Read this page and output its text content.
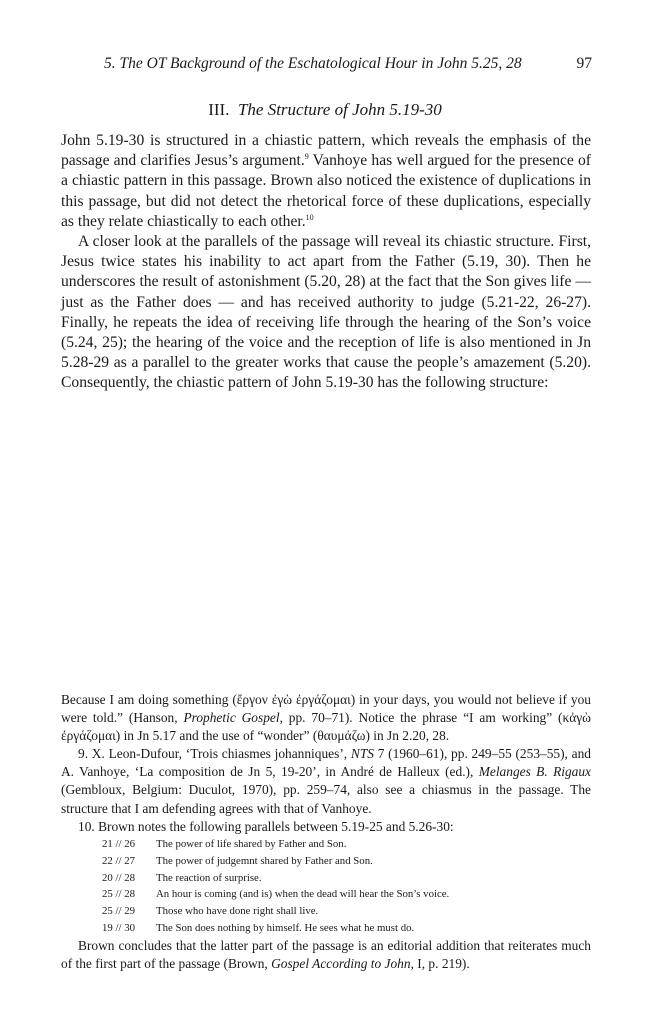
5. The OT Background of the Eschatological Hour in John 5.25, 28	97
III. The Structure of John 5.19-30

John 5.19-30 is structured in a chiastic pattern, which reveals the emphasis of the passage and clarifies Jesus’s argument.$^9$ Vanhoye has well argued for the presence of a chiastic pattern in this passage. Brown also noticed the existence of duplications in this passage, but did not detect the rhetorical force of these duplications, especially as they relate chiastically to each other.$^{10}$

A closer look at the parallels of the passage will reveal its chiastic structure. First, Jesus twice states his inability to act apart from the Father (5.19, 30). Then he underscores the result of astonishment (5.20, 28) at the fact that the Son gives life — just as the Father does — and has received authority to judge (5.21-22, 26-27). Finally, he repeats the idea of receiving life through the hearing of the Son’s voice (5.24, 25); the hearing of the voice and the reception of life is also mentioned in Jn 5.28-29 as a parallel to the greater works that cause the people’s amazement (5.20). Consequently, the chiastic pattern of John 5.19-30 has the following structure:

Because I am doing something (ἔργον ἐγὼ ἐργάζομαι) in your days, you would not believe if you were told.” (Hanson, Prophetic Gospel, pp. 70–71). Notice the phrase “I am working” (κἀγὼ ἐργάζομαι) in Jn 5.17 and the use of “wonder” (θαυμάζω) in Jn 2.20, 28.

9. X. Leon-Dufour, ‘Trois chiasmes johanniques’, NTS 7 (1960–61), pp. 249–55 (253–55), and A. Vanhoye, ‘La composition de Jn 5, 19-20’, in André de Halleux (ed.), Melanges B. Rigaux (Gembloux, Belgium: Duculot, 1970), pp. 259–74, also see a chiasmus in the passage. The structure that I am defending agrees with that of Vanhoye.

10. Brown notes the following parallels between 5.19-25 and 5.26-30:

21 // 26	The power of life shared by Father and Son.
22 // 27	The power of judgemnt shared by Father and Son.
20 // 28	The reaction of surprise.
25 // 28	An hour is coming (and is) when the dead will hear the Son’s voice.
25 // 29	Those who have done right shall live.
19 // 30	The Son does nothing by himself. He sees what he must do.

Brown concludes that the latter part of the passage is an editorial addition that reiterates much of the first part of the passage (Brown, Gospel According to John, I, p. 219).
